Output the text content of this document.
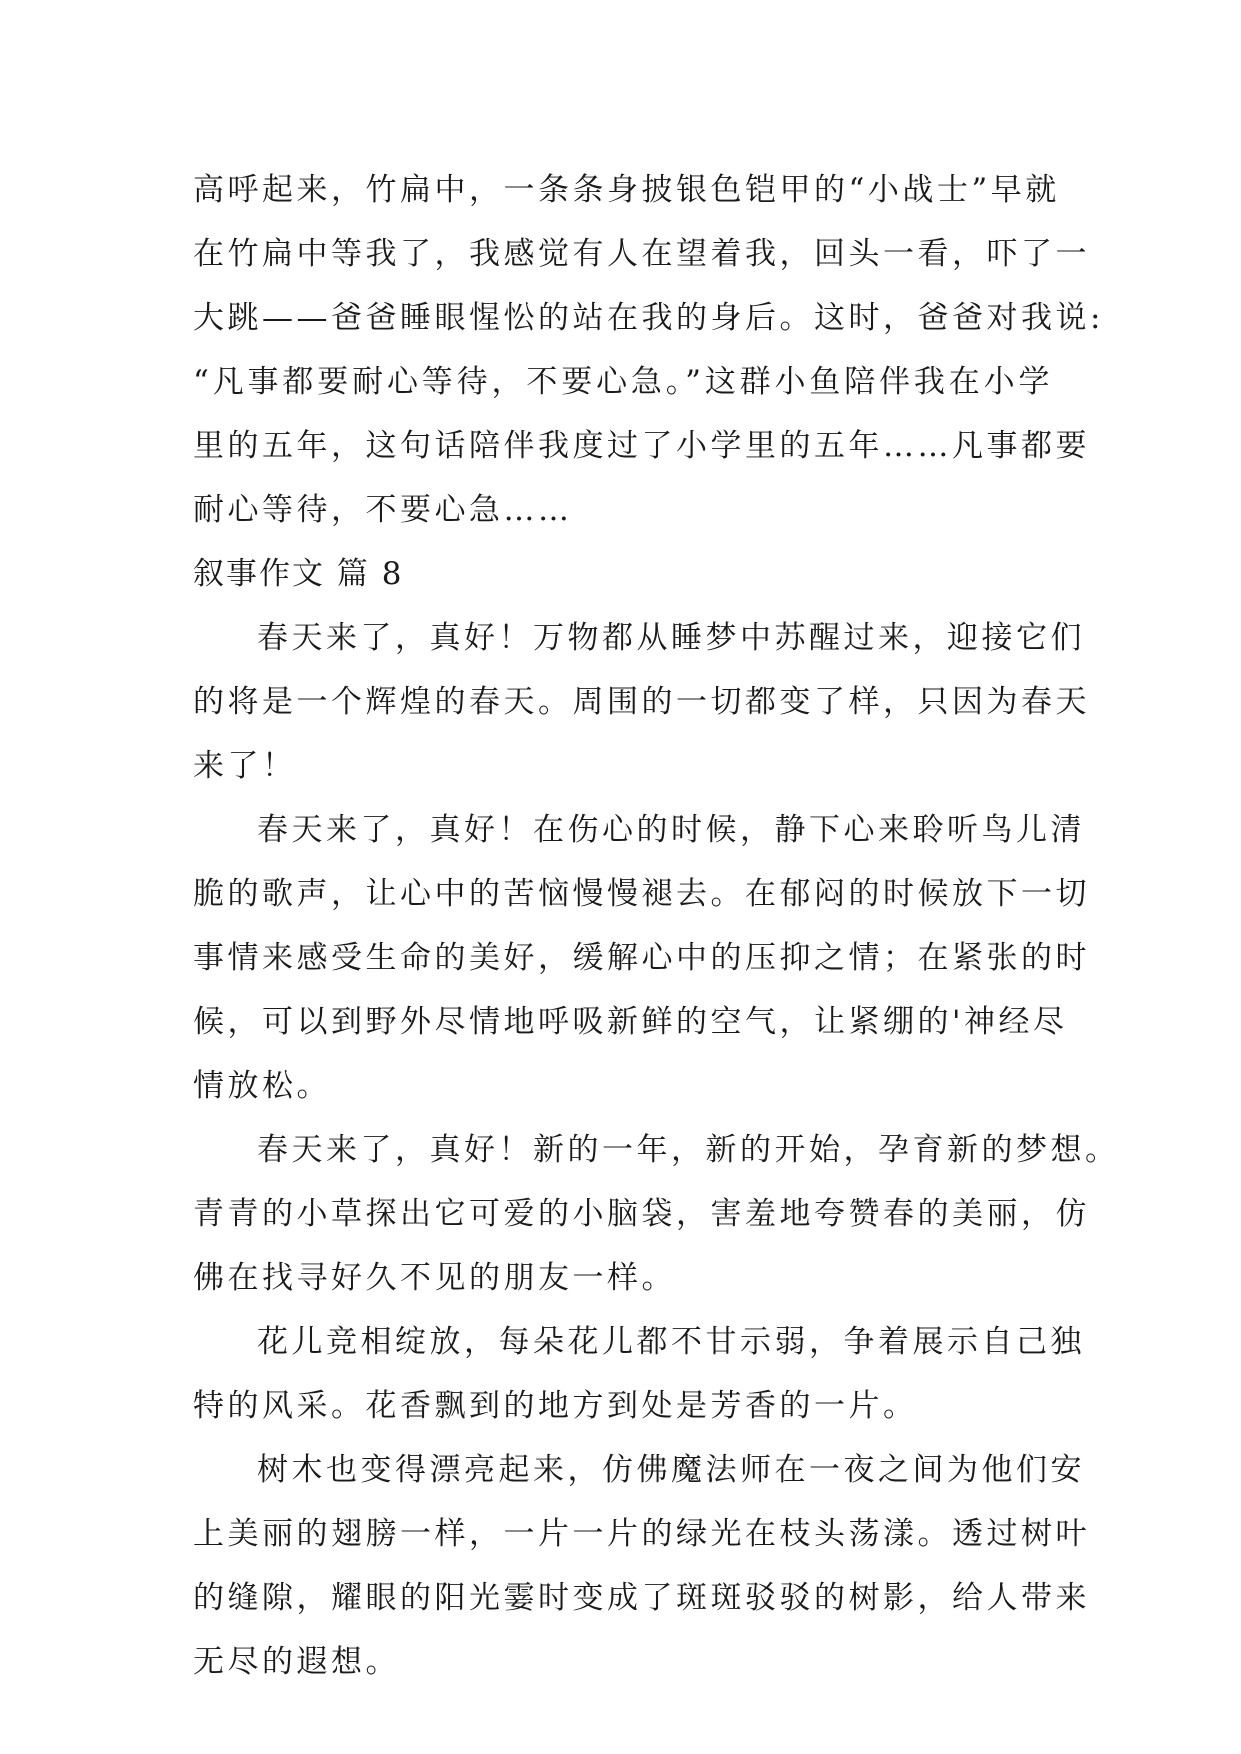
高呼起来，竹扁中，一条条身披银色铠甲的“小战士”早就
在竹扁中等我了，我感觉有人在望着我，回头一看，吓了一
大跳——爸爸睡眼惺忪的站在我的身后。这时，爸爸对我说:
“凡事都要耐心等待，不要心急。”这群小鱼陪伴我在小学
里的五年，这句话陪伴我度过了小学里的五年……凡事都要
耐心等待，不要心急……
叙事作文 篇 8
春天来了，真好！万物都从睡梦中苏醒过来，迎接它们
的将是一个辉煌的春天。周围的一切都变了样，只因为春天
来了！
春天来了，真好！在伤心的时候，静下心来聆听鸟儿清
脆的歌声，让心中的苦恼慢慢褪去。在郁闷的时候放下一切
事情来感受生命的美好，缓解心中的压抑之情；在紧张的时
候，可以到野外尽情地呼吸新鲜的空气，让紧绷的'神经尽
情放松。
春天来了，真好！新的一年，新的开始，孕育新的梦想。
青青的小草探出它可爱的小脑袋，害羞地夸赞春的美丽，仿
佛在找寻好久不见的朋友一样。
花儿竞相绽放，每朵花儿都不甘示弱，争着展示自己独
特的风采。花香飘到的地方到处是芳香的一片。
树木也变得漂亮起来，仿佛魔法师在一夜之间为他们安
上美丽的翅膀一样，一片一片的绿光在枝头荡漾。透过树叶
的缝隙，耀眼的阳光霎时变成了斑斑驳驳的树影，给人带来
无尽的遐想。
